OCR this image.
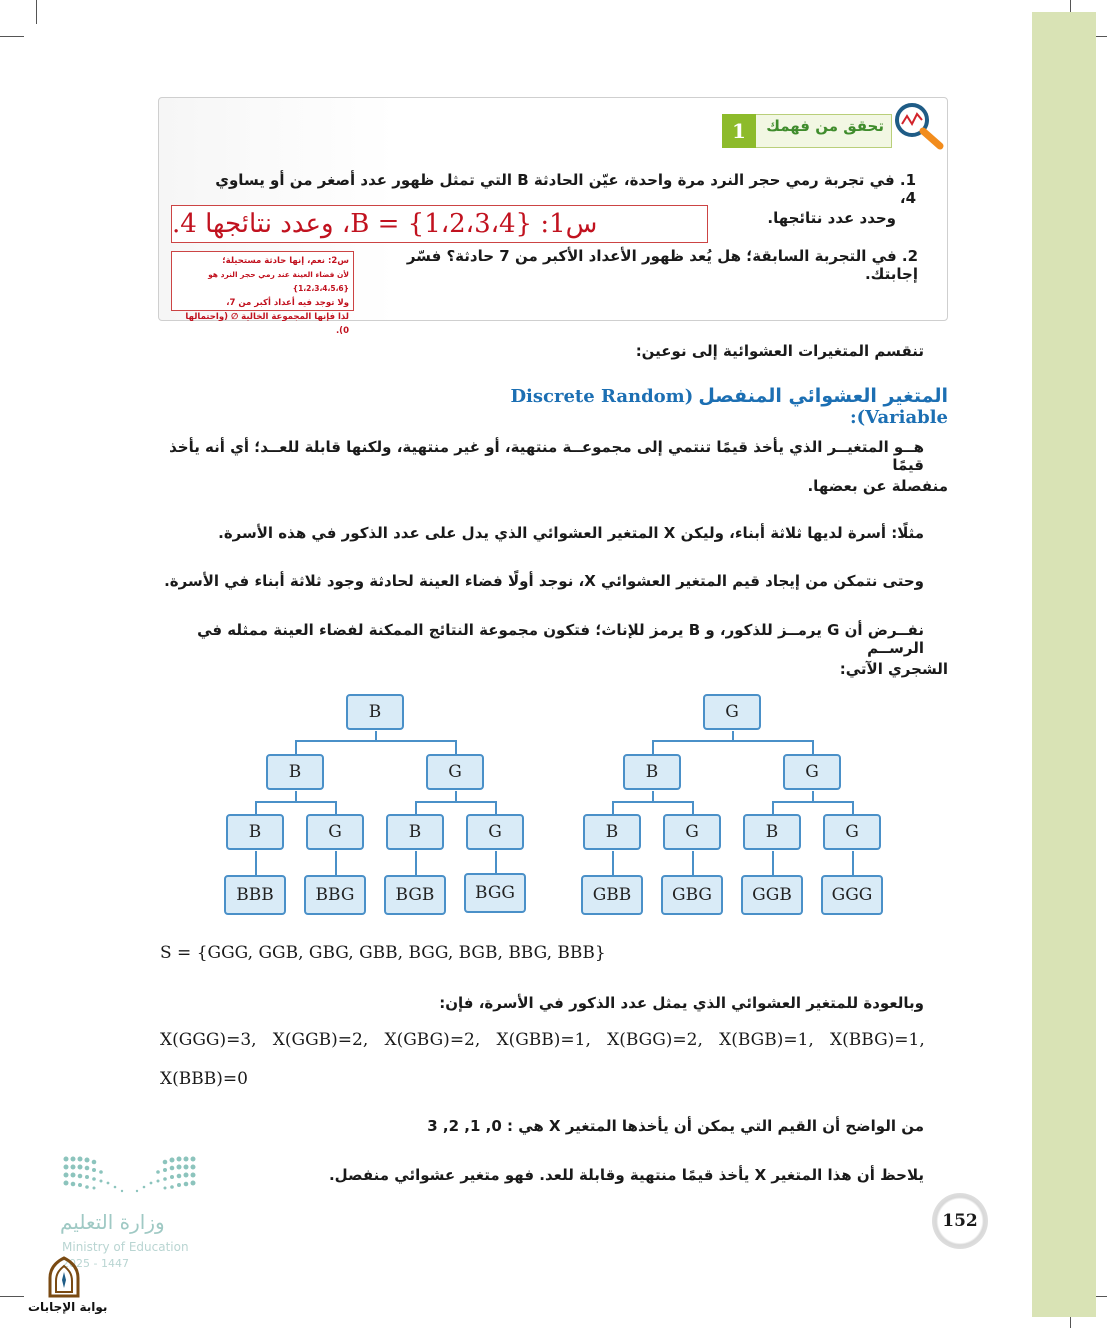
1	تحقق من فهمك
1. في تجربة رمي حجر النرد مرة واحدة، عيّن الحادثة B التي تمثل ظهور عدد أصغر من أو يساوي 4،
وحدد عدد نتائجها.
س1: B = {1،2،3،4}، وعدد نتائجها 4.
2. في التجربة السابقة؛ هل يُعد ظهور الأعداد الأكبر من 7 حادثة؟ فسّر إجابتك.
س2: نعم، إنها حادثة مستحيلة؛
لأن فضاء العينة عند رمي حجر النرد هو {1،2،3،4،5،6}
ولا توجد فيه أعداد أكبر من 7،
لذا فإنها المجموعة الخالية ∅ (واحتمالها 0).
تنقسم المتغيرات العشوائية إلى نوعين:
المتغير العشوائي المنفصل (Discrete Random Variable):
هــو المتغيــر الذي يأخذ قيمًا تنتمي إلى مجموعــة منتهية، أو غير منتهية، ولكنها قابلة للعــد؛ أي أنه يأخذ قيمًا
منفصلة عن بعضها.
مثلًا: أسرة لديها ثلاثة أبناء، وليكن X المتغير العشوائي الذي يدل على عدد الذكور في هذه الأسرة.
وحتى نتمكن من إيجاد قيم المتغير العشوائي X، نوجد أولًا فضاء العينة لحادثة وجود ثلاثة أبناء في الأسرة.
نفــرض أن G يرمــز للذكور، و B يرمز للإناث؛ فتكون مجموعة النتائج الممكنة لفضاء العينة ممثله في الرســم
الشجري الآتي:
B
B	G
B	G	B	G
BBB	BBG	BGB	BGG
G
B	G
B	G	B	G
GBB	GBG	GGB	GGG
S = {GGG, GGB, GBG, GBB, BGG, BGB, BBG, BBB}
وبالعودة للمتغير العشوائي الذي يمثل عدد الذكور في الأسرة، فإن:
X(GGG)=3,   X(GGB)=2,   X(GBG)=2,   X(GBB)=1,   X(BGG)=2,   X(BGB)=1,   X(BBG)=1,
X(BBB)=0
من الواضح أن القيم التي يمكن أن يأخذها المتغير X هي : 0, 1, 2, 3
يلاحظ أن هذا المتغير X يأخذ قيمًا منتهية وقابلة للعد. فهو متغير عشوائي منفصل.
152
وزارة التعليم
Ministry of Education
2025 - 1447
بوابة الإجابات
